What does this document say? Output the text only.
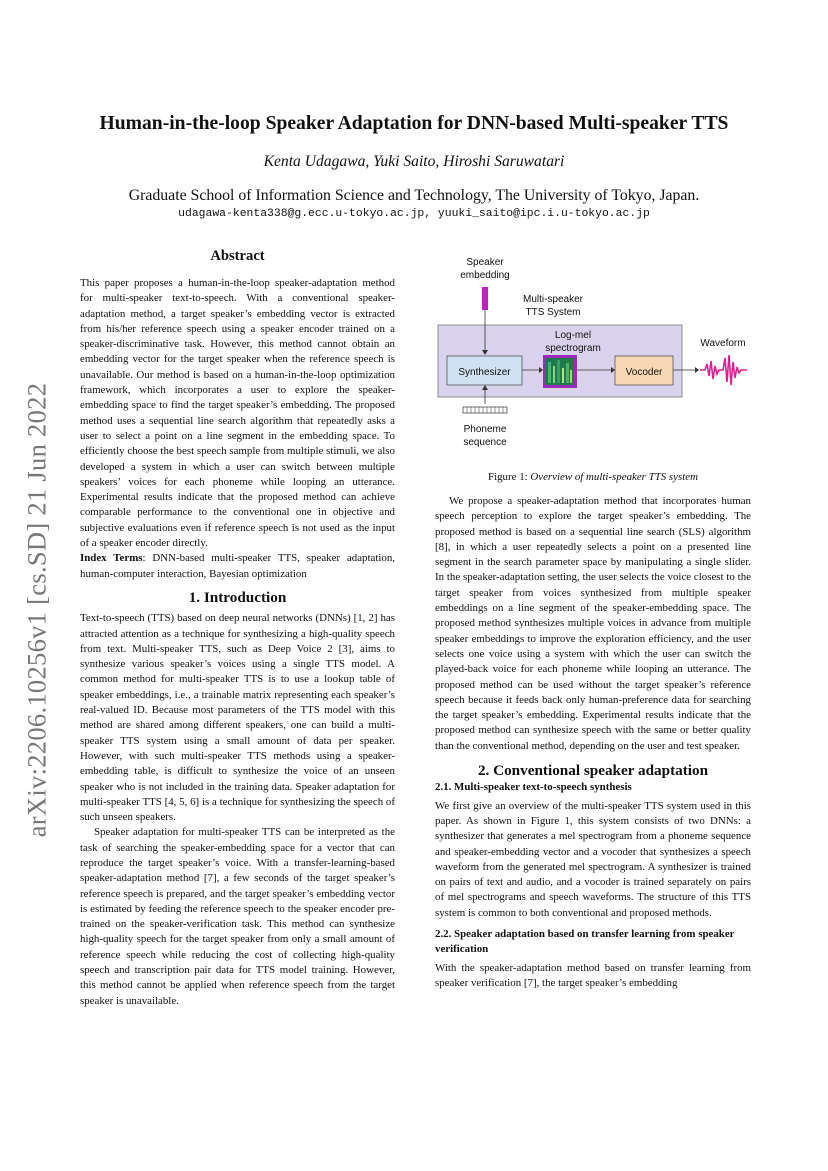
arXiv:2206.10256v1 [cs.SD] 21 Jun 2022
Human-in-the-loop Speaker Adaptation for DNN-based Multi-speaker TTS
Kenta Udagawa, Yuki Saito, Hiroshi Saruwatari
Graduate School of Information Science and Technology, The University of Tokyo, Japan.
udagawa-kenta338@g.ecc.u-tokyo.ac.jp, yuuki_saito@ipc.i.u-tokyo.ac.jp
Abstract

This paper proposes a human-in-the-loop speaker-adaptation method for multi-speaker text-to-speech. With a conventional speaker-adaptation method, a target speaker’s embedding vector is extracted from his/her reference speech using a speaker encoder trained on a speaker-discriminative task. However, this method cannot obtain an embedding vector for the target speaker when the reference speech is unavailable. Our method is based on a human-in-the-loop optimization framework, which incorporates a user to explore the speaker-embedding space to find the target speaker’s embedding. The proposed method uses a sequential line search algorithm that repeatedly asks a user to select a point on a line segment in the embedding space. To efficiently choose the best speech sample from multiple stimuli, we also developed a system in which a user can switch between multiple speakers’ voices for each phoneme while looping an utterance. Experimental results indicate that the proposed method can achieve comparable performance to the conventional one in objective and subjective evaluations even if reference speech is not used as the input of a speaker encoder directly.

Index Terms: DNN-based multi-speaker TTS, speaker adaptation, human-computer interaction, Bayesian optimization

1. Introduction

Text-to-speech (TTS) based on deep neural networks (DNNs) [1, 2] has attracted attention as a technique for synthesizing a high-quality speech from text. Multi-speaker TTS, such as Deep Voice 2 [3], aims to synthesize various speaker’s voices using a single TTS model. A common method for multi-speaker TTS is to use a lookup table of speaker embeddings, i.e., a trainable matrix representing each speaker’s real-valued ID. Because most parameters of the TTS model with this method are shared among different speakers, one can build a multi-speaker TTS system using a small amount of data per speaker. However, with such multi-speaker TTS methods using a speaker-embedding table, is difficult to synthesize the voice of an unseen speaker who is not included in the training data. Speaker adaptation for multi-speaker TTS [4, 5, 6] is a technique for synthesizing the speech of such unseen speakers.

Speaker adaptation for multi-speaker TTS can be interpreted as the task of searching the speaker-embedding space for a vector that can reproduce the target speaker’s voice. With a transfer-learning-based speaker-adaptation method [7], a few seconds of the target speaker’s reference speech is prepared, and the target speaker’s embedding vector is estimated by feeding the reference speech to the speaker encoder pre-trained on the speaker-verification task. This method can synthesize high-quality speech for the target speaker from only a small amount of reference speech while reducing the cost of collecting high-quality speech and transcription pair data for TTS model training. However, this method cannot be applied when reference speech from the target speaker is unavailable.

Speaker
embedding
Multi-speaker
TTS System
Log-mel
spectrogram	Waveform
Synthesizer	Vocoder
Phoneme
sequence
Figure 1: Overview of multi-speaker TTS system

We propose a speaker-adaptation method that incorporates human speech perception to explore the target speaker’s embedding. The proposed method is based on a sequential line search (SLS) algorithm [8], in which a user repeatedly selects a point on a presented line segment in the search parameter space by manipulating a single slider. In the speaker-adaptation setting, the user selects the voice closest to the target speaker from voices synthesized from multiple speaker embeddings on a line segment of the speaker-embedding space. The proposed method synthesizes multiple voices in advance from multiple speaker embeddings to improve the exploration efficiency, and the user selects one voice using a system with which the user can switch the played-back voice for each phoneme while looping an utterance. The proposed method can be used without the target speaker’s reference speech because it feeds back only human-preference data for searching the target speaker’s embedding. Experimental results indicate that the proposed method can synthesize speech with the same or better quality than the conventional method, depending on the user and test speaker.

2. Conventional speaker adaptation
2.1. Multi-speaker text-to-speech synthesis

We first give an overview of the multi-speaker TTS system used in this paper. As shown in Figure 1, this system consists of two DNNs: a synthesizer that generates a mel spectrogram from a phoneme sequence and speaker-embedding vector and a vocoder that synthesizes a speech waveform from the generated mel spectrogram. A synthesizer is trained on pairs of text and audio, and a vocoder is trained separately on pairs of mel spectrograms and speech waveforms. The structure of this TTS system is common to both conventional and proposed methods.

2.2. Speaker adaptation based on transfer learning from speaker verification

With the speaker-adaptation method based on transfer learning from speaker verification [7], the target speaker’s embedding
